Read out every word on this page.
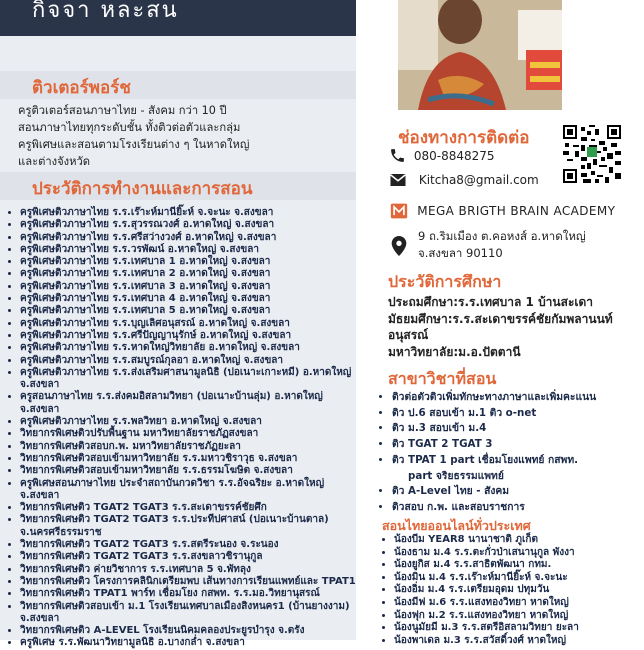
กิจจา หละสน
ติวเตอร์พอร์ช
ครูติวเตอร์สอนภาษาไทย - สังคม กว่า 10 ปี
สอนภาษาไทยทุกระดับชั้น ทั้งติวต่อตัวและกลุ่ม
ครูพิเศษและสอนตามโรงเรียนต่าง ๆ ในหาดใหญ่
และต่างจังหวัด
ประวัติการทำงานและการสอน
• ครูพิเศษติวภาษาไทย ร.ร.เร๊าะห์มานียิ๊ะห์ จ.จะนะ จ.สงขลา
• ครูพิเศษติวภาษาไทย ร.ร.สุวรรณวงศ์ อ.หาดใหญ่ จ.สงขลา
• ครูพิเศษติวภาษาไทย ร.ร.ศรีสว่างวงศ์ อ.หาดใหญ่ จ.สงขลา
• ครูพิเศษติวภาษาไทย ร.ร.วรพัฒน์ อ.หาดใหญ่ จ.สงขลา
• ครูพิเศษติวภาษาไทย ร.ร.เทศบาล 1 อ.หาดใหญ่ จ.สงขลา
• ครูพิเศษติวภาษาไทย ร.ร.เทศบาล 2 อ.หาดใหญ่ จ.สงขลา
• ครูพิเศษติวภาษาไทย ร.ร.เทศบาล 3 อ.หาดใหญ่ จ.สงขลา
• ครูพิเศษติวภาษาไทย ร.ร.เทศบาล 4 อ.หาดใหญ่ จ.สงขลา
• ครูพิเศษติวภาษาไทย ร.ร.เทศบาล 5 อ.หาดใหญ่ จ.สงขลา
• ครูพิเศษติวภาษาไทย ร.ร.บุญเลิศอนุสรณ์ อ.หาดใหญ่ จ.สงขลา
• ครูพิเศษติวภาษาไทย ร.ร.ศรีปัญญานุรักษ์ อ.หาดใหญ่ จ.สงขลา
• ครูพิเศษติวภาษาไทย ร.ร.หาดใหญ่วิทยาลัย อ.หาดใหญ่ จ.สงขลา
• ครูพิเศษติวภาษาไทย ร.ร.สมบูรณ์กุลอา อ.หาดใหญ่ จ.สงขลา
• ครูพิเศษติวภาษาไทย ร.ร.ส่งเสริมศาสนามูลนิธิ (ปอเนาะเกาะหมี) อ.หาดใหญ่ จ.สงขลา
• ครูสอนภาษาไทย ร.ร.ส่งคมอิสลามวิทยา (ปอเนาะบ้านลุ่ม) อ.หาดใหญ่ จ.สงขลา
• ครูพิเศษติวภาษาไทย ร.ร.พลวิทยา อ.หาดใหญ่ จ.สงขลา
• วิทยากรพิเศษติวปรับพื้นฐาน มหาวิทยาลัยราชภัฏสงขลา
• วิทยากรพิเศษติวสอบก.พ. มหาวิทยาลัยราชภัฏยะลา
• วิทยากรพิเศษติวสอบเข้ามหาวิทยาลัย ร.ร.มหาวชิราวุธ จ.สงขลา
• วิทยากรพิเศษติวสอบเข้ามหาวิทยาลัย ร.ร.ธรรมโฆษิต จ.สงขลา
• ครูพิเศษสอนภาษาไทย ประจำสถาบันกวดวิชา ร.ร.อัจฉริยะ อ.หาดใหญ่ จ.สงขลา
• วิทยากรพิเศษติว TGAT2 TGAT3 ร.ร.สะเดาขรรค์ชัยศึก
• วิทยากรพิเศษติว TGAT2 TGAT3 ร.ร.ประทีปศาสน์ (ปอเนาะบ้านตาล) จ.นครศรีธรรมราช
• วิทยากรพิเศษติว TGAT2 TGAT3 ร.ร.สตรีระนอง จ.ระนอง
• วิทยากรพิเศษติว TGAT2 TGAT3 ร.ร.สงขลาวชิรานุกูล
• วิทยากรพิเศษติว ค่ายวิชาการ ร.ร.เทศบาล 5 จ.พัทลุง
• วิทยากรพิเศษติว โครงการคลินิกเตรียมพบ เส้นทางการเรียนแพทย์และ TPAT1
• วิทยากรพิเศษติว TPAT1 พาร์ท เชื่อมโยง กสพท. ร.ร.มอ.วิทยานุสรณ์
• วิทยากรพิเศษติวสอบเข้า ม.1 โรงเรียนเทศบาลเมืองสิงหนคร1 (บ้านยางงาม) จ.สงขลา
• วิทยากรพิเศษติว A-LEVEL โรงเรียนนิคมคลองประยูรบำรุง จ.ตรัง
• ครูพิเศษ ร.ร.พัฒนาวิทยามูลนิธิ อ.บางกล่ำ จ.สงขลา
ช่องทางการติดต่อ
080-8848275
Kitcha8@gmail.com
MEGA BRIGTH BRAIN ACADEMY
9 ถ.ริมเมือง ต.คอหงส์ อ.หาดใหญ่
จ.สงขลา 90110
ประวัติการศึกษา
ประถมศึกษา:ร.ร.เทศบาล 1 บ้านสะเดา
มัธยมศึกษา:ร.ร.สะเดาขรรค์ชัยกัมพลานนท์
อนุสรณ์
มหาวิทยาลัย:ม.อ.ปัตตานี
สาขาวิชาที่สอน
• ติวต่อตัวติวเพิ่มทักษะทางภาษาและเพิ่มคะแนน
• ติว ป.6 สอบเข้า ม.1 ติว o-net
• ติว ม.3 สอบเข้า ม.4
• ติว TGAT 2 TGAT 3
• ติว TPAT 1 part เชื่อมโยงแพทย์ กสพท.
part จริยธรรมแพทย์
• ติว A-Level ไทย - สังคม
• ติวสอบ ก.พ. และสอบราชการ
สอนไทยออนไลน์ทั่วประเทศ
• น้องบีม YEAR8 นานาชาติ ภูเก็ต
• น้องธาม ม.4 ร.ร.ตะกั่วป่าเสนานุกูล พังงา
• น้องยูกิส ม.4 ร.ร.สาธิตพัฒนา กทม.
• น้องมิน ม.4 ร.ร.เร๊าะห์มานียิ๊ะห์ จ.จะนะ
• น้องอิ่ม ม.4 ร.ร.เตรียมอุดม ปทุมวัน
• น้องมีฟ ม.6 ร.ร.แสงทองวิทยา หาดใหญ่
• น้องฟุก ม.2 ร.ร.แสงทองวิทยา หาดใหญ่
• น้องนูมัยมี ม.3 ร.ร.สตรีอิสลามวิทยา ยะลา
• น้องพาเดล ม.3 ร.ร.สวัสดิ์วงศ์ หาดใหญ่
